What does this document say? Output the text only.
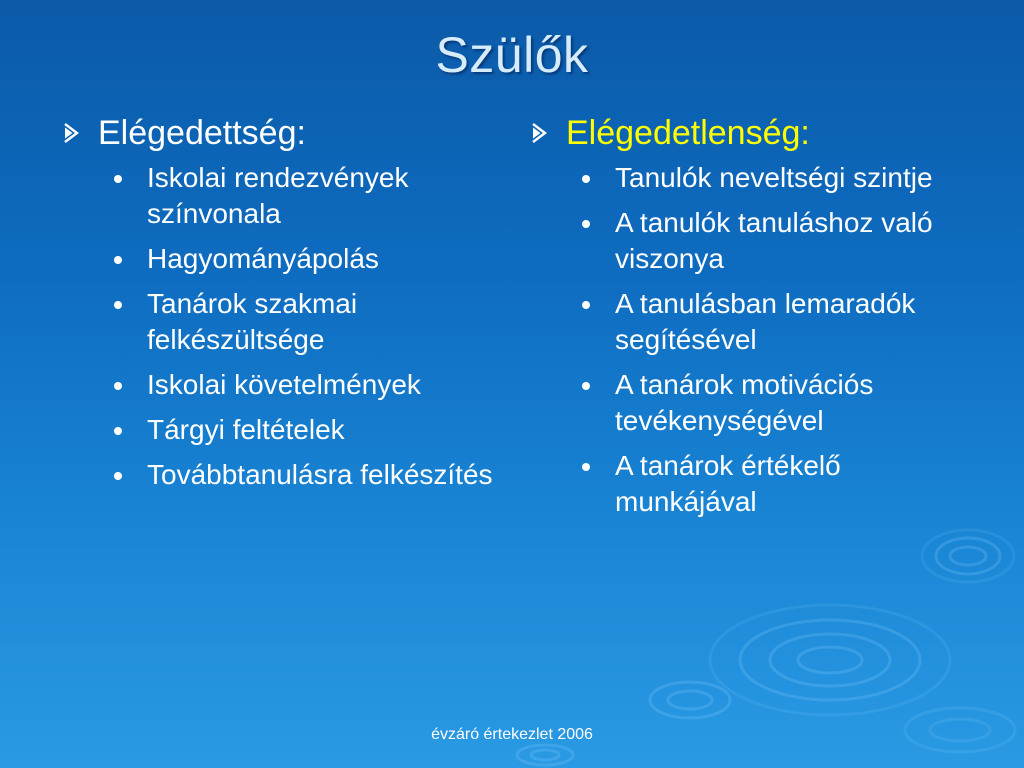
Szülők
Elégedettség:
Iskolai rendezvények színvonala
Hagyományápolás
Tanárok szakmai felkészültsége
Iskolai követelmények
Tárgyi feltételek
Továbbtanulásra felkészítés
Elégedetlenség:
Tanulók neveltségi szintje
A tanulók tanuláshoz való viszonya
A tanulásban lemaradók segítésével
A tanárok motivációs tevékenységével
A tanárok értékelő munkájával
évzáró értekezlet 2006
